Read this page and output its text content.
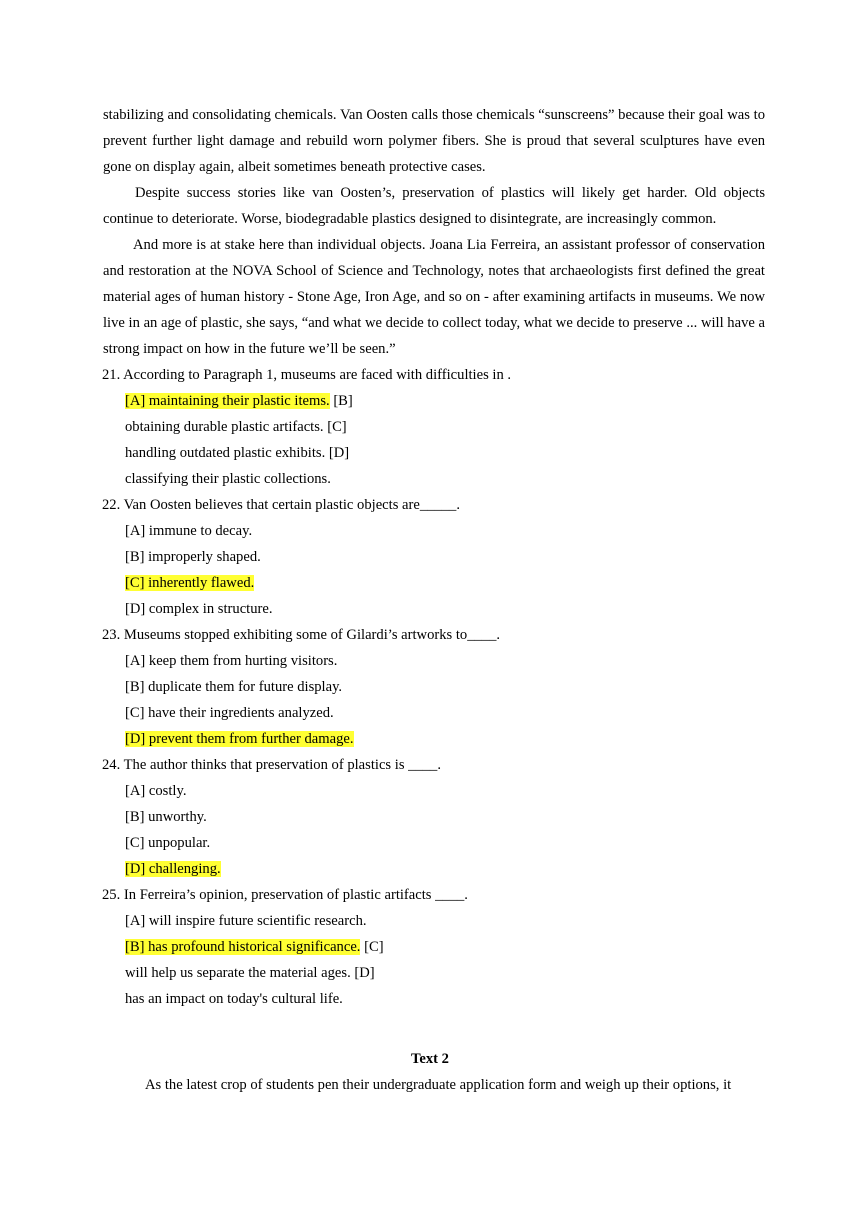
stabilizing and consolidating chemicals. Van Oosten calls those chemicals “sunscreens” because their goal was to prevent further light damage and rebuild worn polymer fibers. She is proud that several sculptures have even gone on display again, albeit sometimes beneath protective cases.

Despite success stories like van Oosten’s, preservation of plastics will likely get harder. Old objects continue to deteriorate. Worse, biodegradable plastics designed to disintegrate, are increasingly common.

And more is at stake here than individual objects. Joana Lia Ferreira, an assistant professor of conservation and restoration at the NOVA School of Science and Technology, notes that archaeologists first defined the great material ages of human history - Stone Age, Iron Age, and so on - after examining artifacts in museums. We now live in an age of plastic, she says, “and what we decide to collect today, what we decide to preserve ... will have a strong impact on how in the future we’ll be seen.”

21. According to Paragraph 1, museums are faced with difficulties in .
[A] maintaining their plastic items. [B]
obtaining durable plastic artifacts. [C]
handling outdated plastic exhibits. [D]
classifying their plastic collections.
22. Van Oosten believes that certain plastic objects are_____.
[A] immune to decay.
[B] improperly shaped.
[C] inherently flawed.
[D] complex in structure.
23. Museums stopped exhibiting some of Gilardi’s artworks to____.
[A] keep them from hurting visitors.
[B] duplicate them for future display.
[C] have their ingredients analyzed.
[D] prevent them from further damage.
24. The author thinks that preservation of plastics is ____.
[A] costly.
[B] unworthy.
[C] unpopular.
[D] challenging.
25. In Ferreira’s opinion, preservation of plastic artifacts ____.
[A] will inspire future scientific research.
[B] has profound historical significance. [C]
will help us separate the material ages. [D]
has an impact on today's cultural life.
Text 2
As the latest crop of students pen their undergraduate application form and weigh up their options, it
